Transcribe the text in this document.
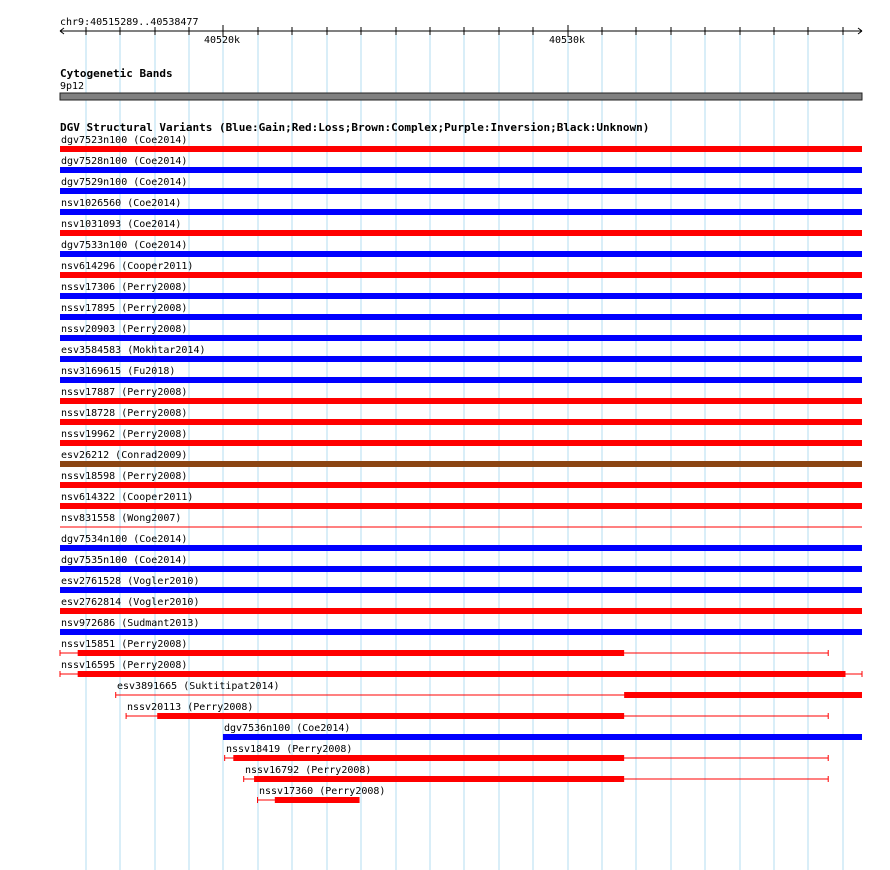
chr9:40515289..40538477
40520k	40530k
Cytogenetic Bands
9p12
DGV Structural Variants (Blue:Gain;Red:Loss;Brown:Complex;Purple:Inversion;Black:Unknown)
dgv7523n100 (Coe2014)
dgv7528n100 (Coe2014)
dgv7529n100 (Coe2014)
nsv1026560 (Coe2014)
nsv1031093 (Coe2014)
dgv7533n100 (Coe2014)
nsv614296 (Cooper2011)
nssv17306 (Perry2008)
nssv17895 (Perry2008)
nssv20903 (Perry2008)
esv3584583 (Mokhtar2014)
nsv3169615 (Fu2018)
nssv17887 (Perry2008)
nssv18728 (Perry2008)
nssv19962 (Perry2008)
esv26212 (Conrad2009)
nssv18598 (Perry2008)
nsv614322 (Cooper2011)
nsv831558 (Wong2007)
dgv7534n100 (Coe2014)
dgv7535n100 (Coe2014)
esv2761528 (Vogler2010)
esv2762814 (Vogler2010)
nsv972686 (Sudmant2013)
nssv15851 (Perry2008)
nssv16595 (Perry2008)
esv3891665 (Suktitipat2014)
nssv20113 (Perry2008)
dgv7536n100 (Coe2014)
nssv18419 (Perry2008)
nssv16792 (Perry2008)
nssv17360 (Perry2008)
